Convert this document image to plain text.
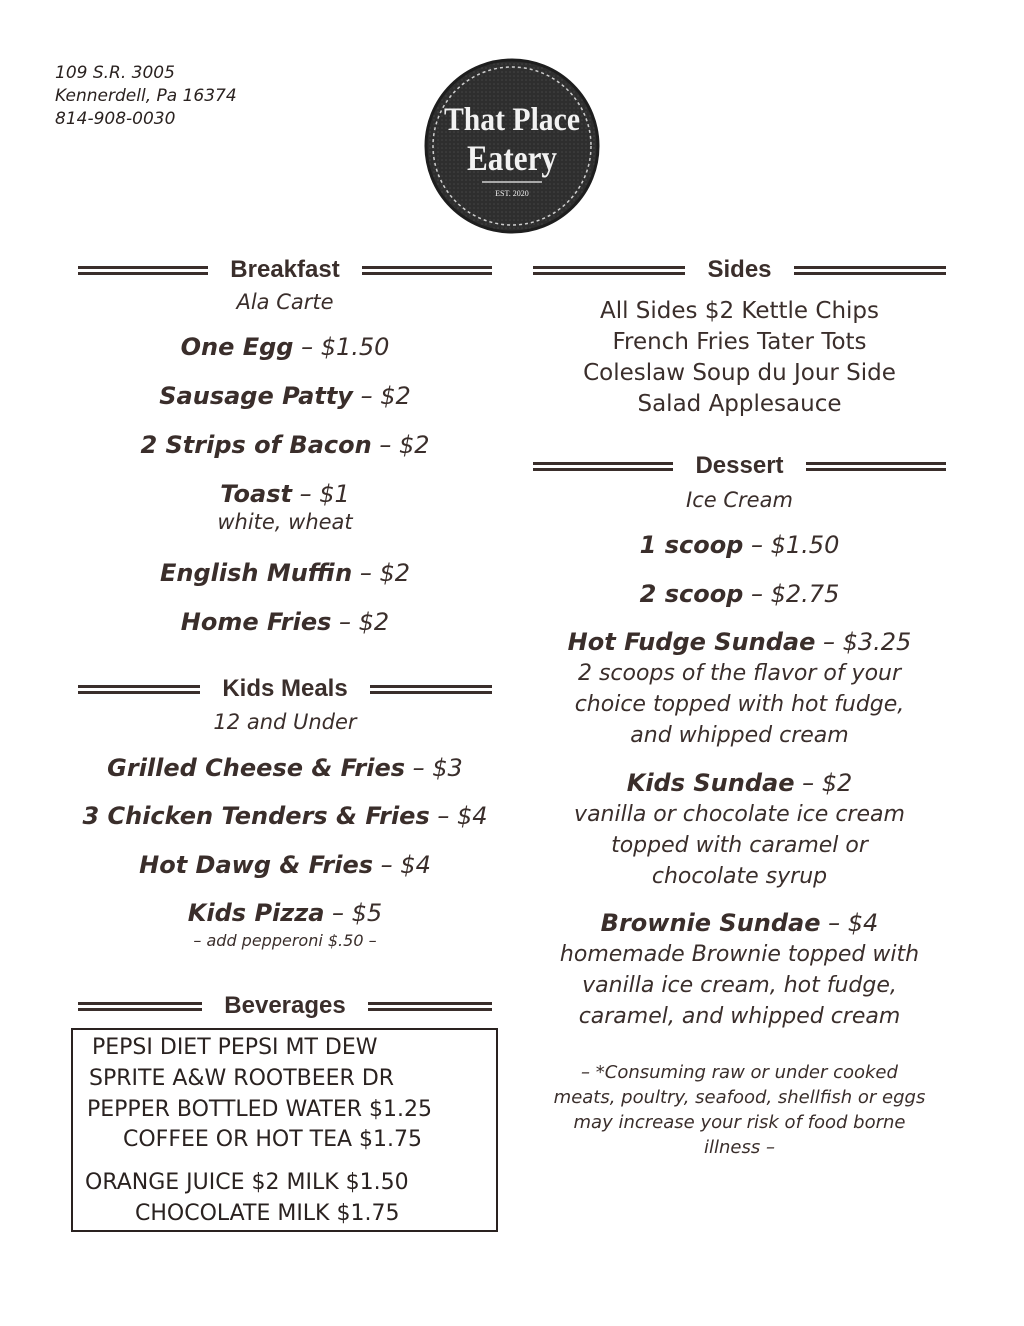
109 S.R. 3005
Kennerdell, Pa 16374
814-908-0030	That Place
Eatery
EST. 2020
Breakfast
Ala Carte
One Egg – $1.50
Sausage Patty – $2
2 Strips of Bacon – $2
Toast – $1
white, wheat
English Muffin – $2
Home Fries – $2
Kids Meals
12 and Under
Grilled Cheese & Fries – $3
3 Chicken Tenders & Fries – $4
Hot Dawg & Fries – $4
Kids Pizza – $5
– add pepperoni $.50 –
Beverages
PEPSI DIET PEPSI MT DEW
SPRITE A&W ROOTBEER DR
PEPPER BOTTLED WATER $1.25
COFFEE OR HOT TEA $1.75
ORANGE JUICE $2 MILK $1.50
CHOCOLATE MILK $1.75
Sides
All Sides $2 Kettle Chips
French Fries Tater Tots
Coleslaw Soup du Jour Side
Salad Applesauce
Dessert
Ice Cream
1 scoop – $1.50
2 scoop – $2.75
Hot Fudge Sundae – $3.25
2 scoops of the flavor of your
choice topped with hot fudge,
and whipped cream
Kids Sundae – $2
vanilla or chocolate ice cream
topped with caramel or
chocolate syrup
Brownie Sundae – $4
homemade Brownie topped with
vanilla ice cream, hot fudge,
caramel, and whipped cream
– *Consuming raw or under cooked
meats, poultry, seafood, shellfish or eggs
may increase your risk of food borne
illness –
